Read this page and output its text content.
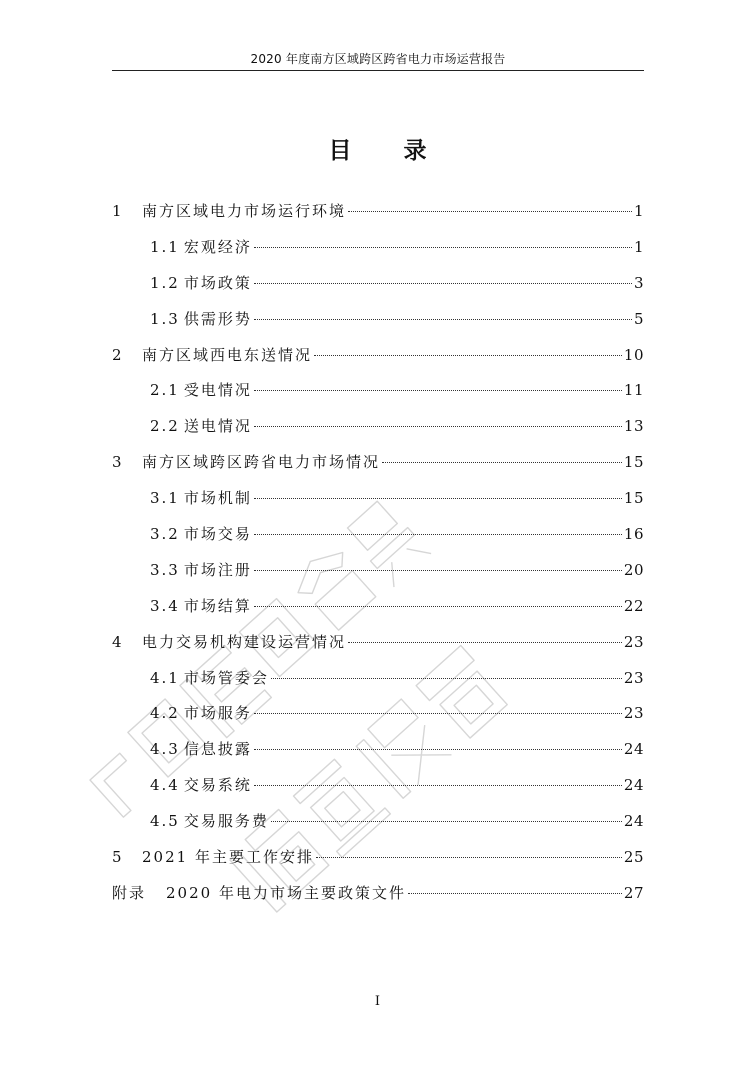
2020 年度南方区域跨区跨省电力市场运营报告
目 录
1	南方区域电力市场运行环境	1
1.1 宏观经济	1
1.2 市场政策	3
1.3 供需形势	5
2	南方区域西电东送情况	10
2.1 受电情况	11
2.2 送电情况	13
3	南方区域跨区跨省电力市场情况	15
3.1 市场机制	15
3.2 市场交易	16
3.3 市场注册	20
3.4 市场结算	22
4	电力交易机构建设运营情况	23
4.1 市场管委会	23
4.2 市场服务	23
4.3 信息披露	24
4.4 交易系统	24
4.5 交易服务费	24
5	2021 年主要工作安排	25
附录	2020 年电力市场主要政策文件	27
I
